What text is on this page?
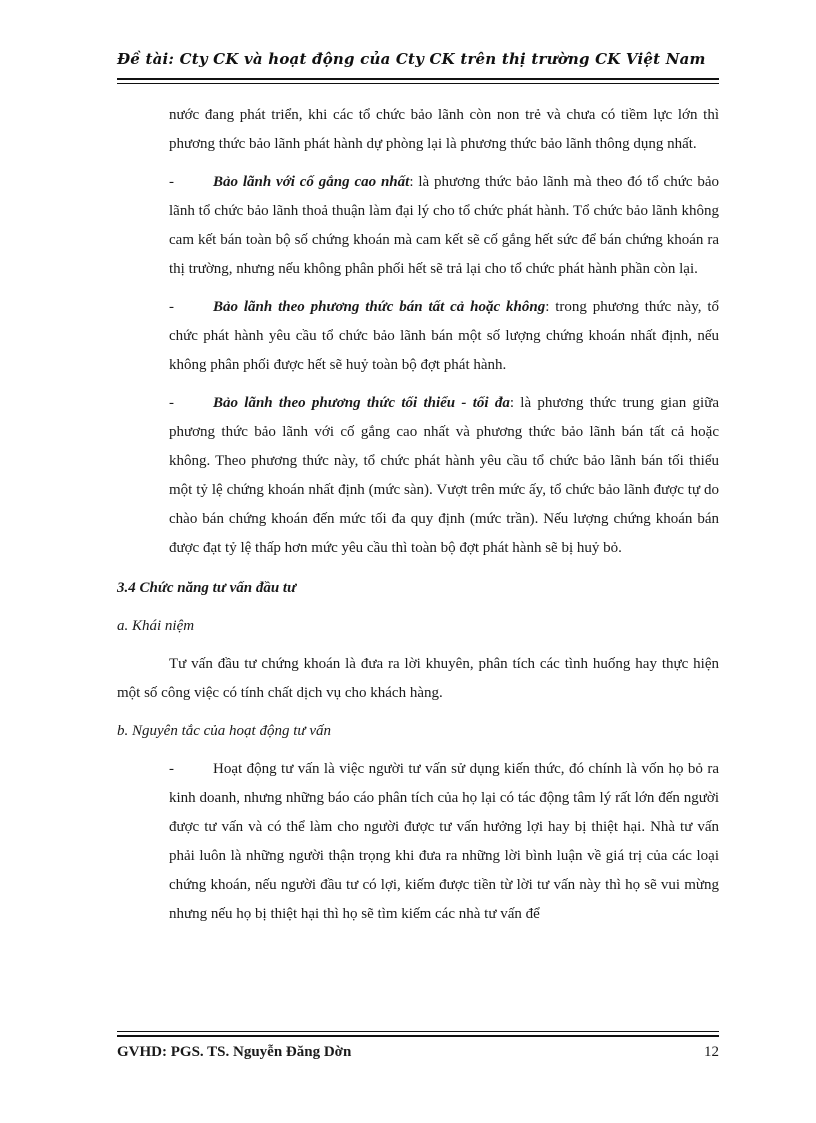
Đề tài: Cty CK và hoạt động của Cty CK trên thị trường CK Việt Nam

nước đang phát triển, khi các tổ chức bảo lãnh còn non trẻ và chưa có tiềm lực lớn thì phương thức bảo lãnh phát hành dự phòng lại là phương thức bảo lãnh thông dụng nhất.

-	Bảo lãnh với cố gắng cao nhất: là phương thức bảo lãnh mà theo đó tổ chức bảo lãnh tổ chức bảo lãnh thoả thuận làm đại lý cho tổ chức phát hành. Tổ chức bảo lãnh không cam kết bán toàn bộ số chứng khoán mà cam kết sẽ cố gắng hết sức để bán chứng khoán ra thị trường, nhưng nếu không phân phối hết sẽ trả lại cho tổ chức phát hành phần còn lại.

-	Bảo lãnh theo phương thức bán tất cả hoặc không: trong phương thức này, tổ chức phát hành yêu cầu tổ chức bảo lãnh bán một số lượng chứng khoán nhất định, nếu không phân phối được hết sẽ huỷ toàn bộ đợt phát hành.

-	Bảo lãnh theo phương thức tối thiểu - tối đa: là phương thức trung gian giữa phương thức bảo lãnh với cố gắng cao nhất và phương thức bảo lãnh bán tất cả hoặc không. Theo phương thức này, tổ chức phát hành yêu cầu tổ chức bảo lãnh bán tối thiểu một tỷ lệ chứng khoán nhất định (mức sàn). Vượt trên mức ấy, tổ chức bảo lãnh được tự do chào bán chứng khoán đến mức tối đa quy định (mức trần). Nếu lượng chứng khoán bán được đạt tỷ lệ thấp hơn mức yêu cầu thì toàn bộ đợt phát hành sẽ bị huỷ bỏ.

3.4 Chức năng tư vấn đầu tư

a. Khái niệm

Tư vấn đầu tư chứng khoán là đưa ra lời khuyên, phân tích các tình huống hay thực hiện một số công việc có tính chất dịch vụ cho khách hàng.

b. Nguyên tắc của hoạt động tư vấn

-	Hoạt động tư vấn là việc người tư vấn sử dụng kiến thức, đó chính là vốn họ bỏ ra kinh doanh, nhưng những báo cáo phân tích của họ lại có tác động tâm lý rất lớn đến người được tư vấn và có thể làm cho người được tư vấn hưởng lợi hay bị thiệt hại. Nhà tư vấn phải luôn là những người thận trọng khi đưa ra những lời bình luận về giá trị của các loại chứng khoán, nếu người đầu tư có lợi, kiếm được tiền từ lời tư vấn này thì họ sẽ vui mừng nhưng nếu họ bị thiệt hại thì họ sẽ tìm kiếm các nhà tư vấn để

GVHD: PGS. TS. Nguyễn Đăng Dờn	12
